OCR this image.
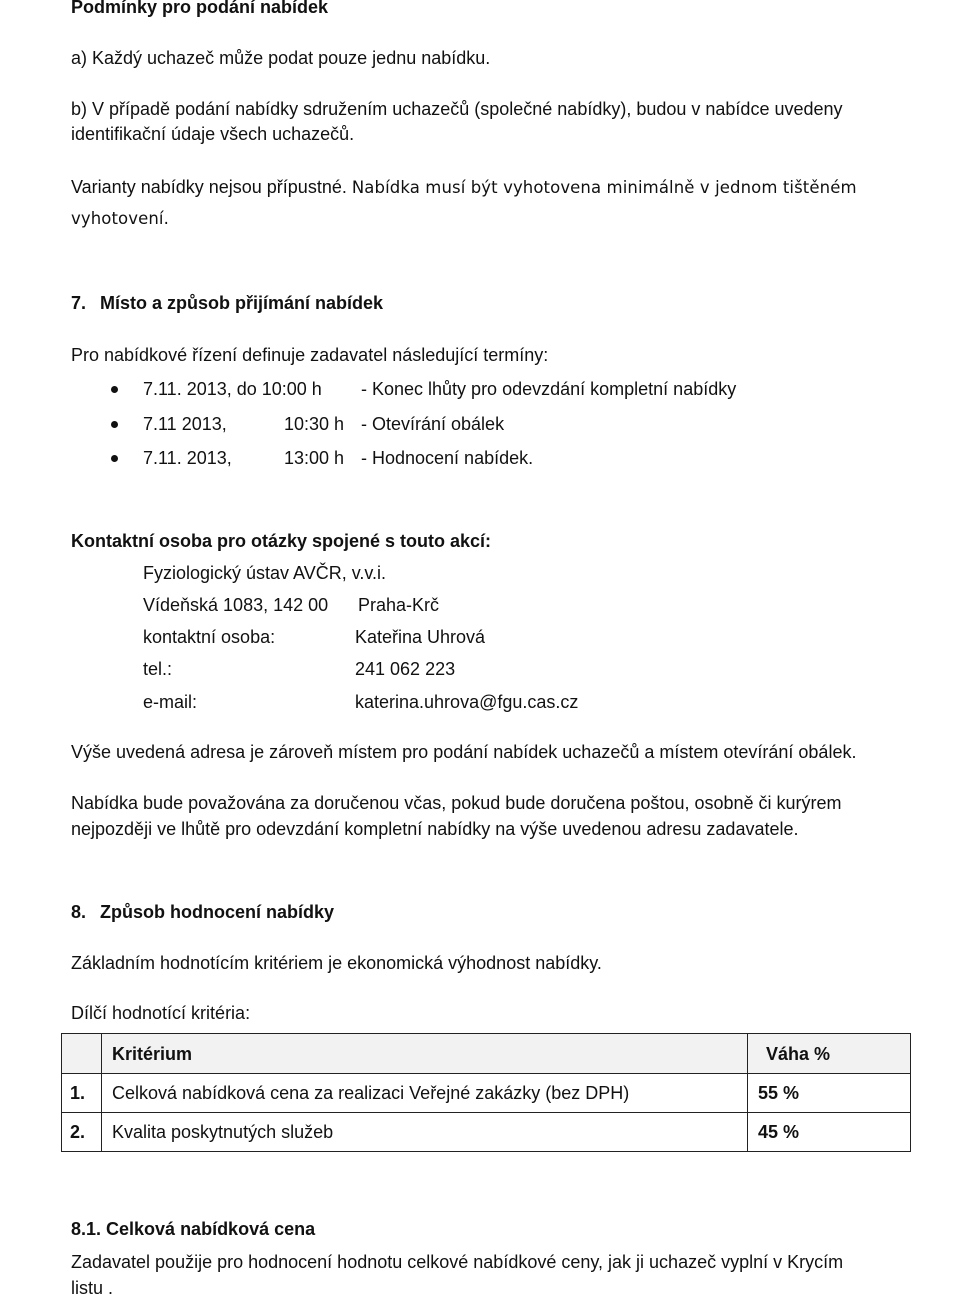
Podmínky pro podání nabídek
a) Každý uchazeč může podat pouze jednu nabídku.
b) V případě podání nabídky sdružením uchazečů (společné nabídky), budou v nabídce uvedeny
identifikační údaje všech uchazečů.
Varianty nabídky nejsou přípustné. Nabídka musí být vyhotovena minimálně v jednom tištěném
vyhotovení.
7. Místo a způsob přijímání nabídek
Pro nabídkové řízení definuje zadavatel následující termíny:
7.11. 2013, do 10:00 h - Konec lhůty pro odevzdání kompletní nabídky
7.11 2013,	10:30 h - Otevírání obálek
7.11. 2013,	13:00 h - Hodnocení nabídek.
Kontaktní osoba pro otázky spojené s touto akcí:
Fyziologický ústav AVČR, v.v.i.
Vídeňská 1083, 142 00 Praha-Krč
kontaktní osoba:	Kateřina Uhrová
tel.:	241 062 223
e-mail:	katerina.uhrova@fgu.cas.cz
Výše uvedená adresa je zároveň místem pro podání nabídek uchazečů a místem otevírání obálek.
Nabídka bude považována za doručenou včas, pokud bude doručena poštou, osobně či kurýrem
nejpozději ve lhůtě pro odevzdání kompletní nabídky na výše uvedenou adresu zadavatele.
8. Způsob hodnocení nabídky
Základním hodnotícím kritériem je ekonomická výhodnost nabídky.
Dílčí hodnotící kritéria:
	Kritérium	Váha %
1.	Celková nabídková cena za realizaci Veřejné zakázky (bez DPH)	55 %
2.	Kvalita poskytnutých služeb	45 %
8.1. Celková nabídková cena
Zadavatel použije pro hodnocení hodnotu celkové nabídkové ceny, jak ji uchazeč vyplní v Krycím
listu .
